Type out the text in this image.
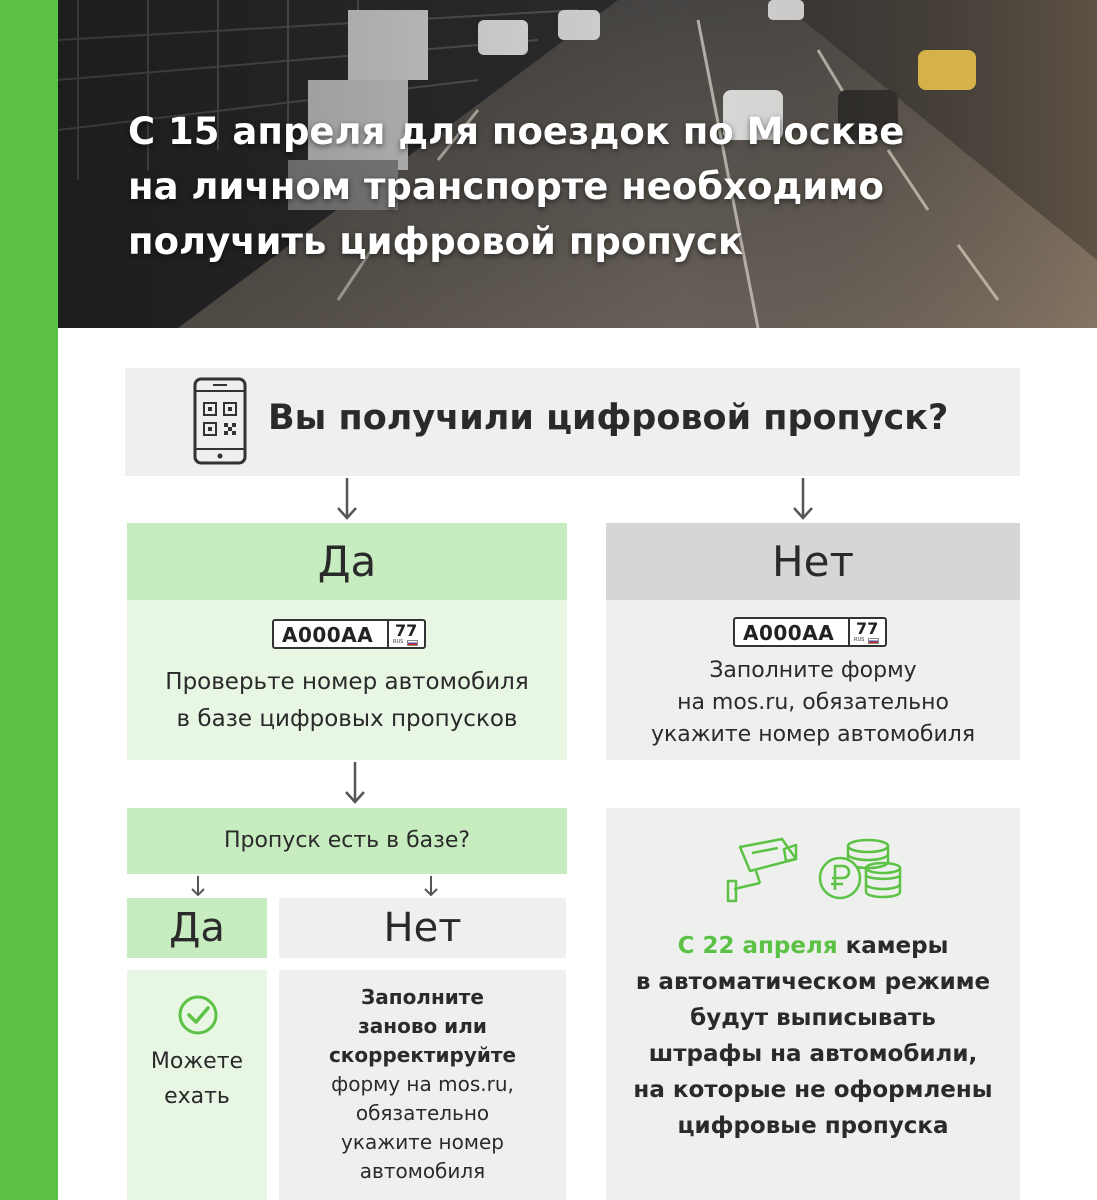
С 15 апреля для поездок по Москве
на личном транспорте необходимо
получить цифровой пропуск
Вы получили цифровой пропуск?
Да
А000АА 77
RUS
Проверьте номер автомобиля
в базе цифровых пропусков
Нет
А000АА 77
RUS
Заполните форму
на mos.ru, обязательно
укажите номер автомобиля
Пропуск есть в базе?
Да
Можете
ехать
Нет
Заполните
заново или
скорректируйте
форму на mos.ru,
обязательно
укажите номер
автомобиля
С 22 апреля камеры
в автоматическом режиме
будут выписывать
штрафы на автомобили,
на которые не оформлены
цифровые пропуска
